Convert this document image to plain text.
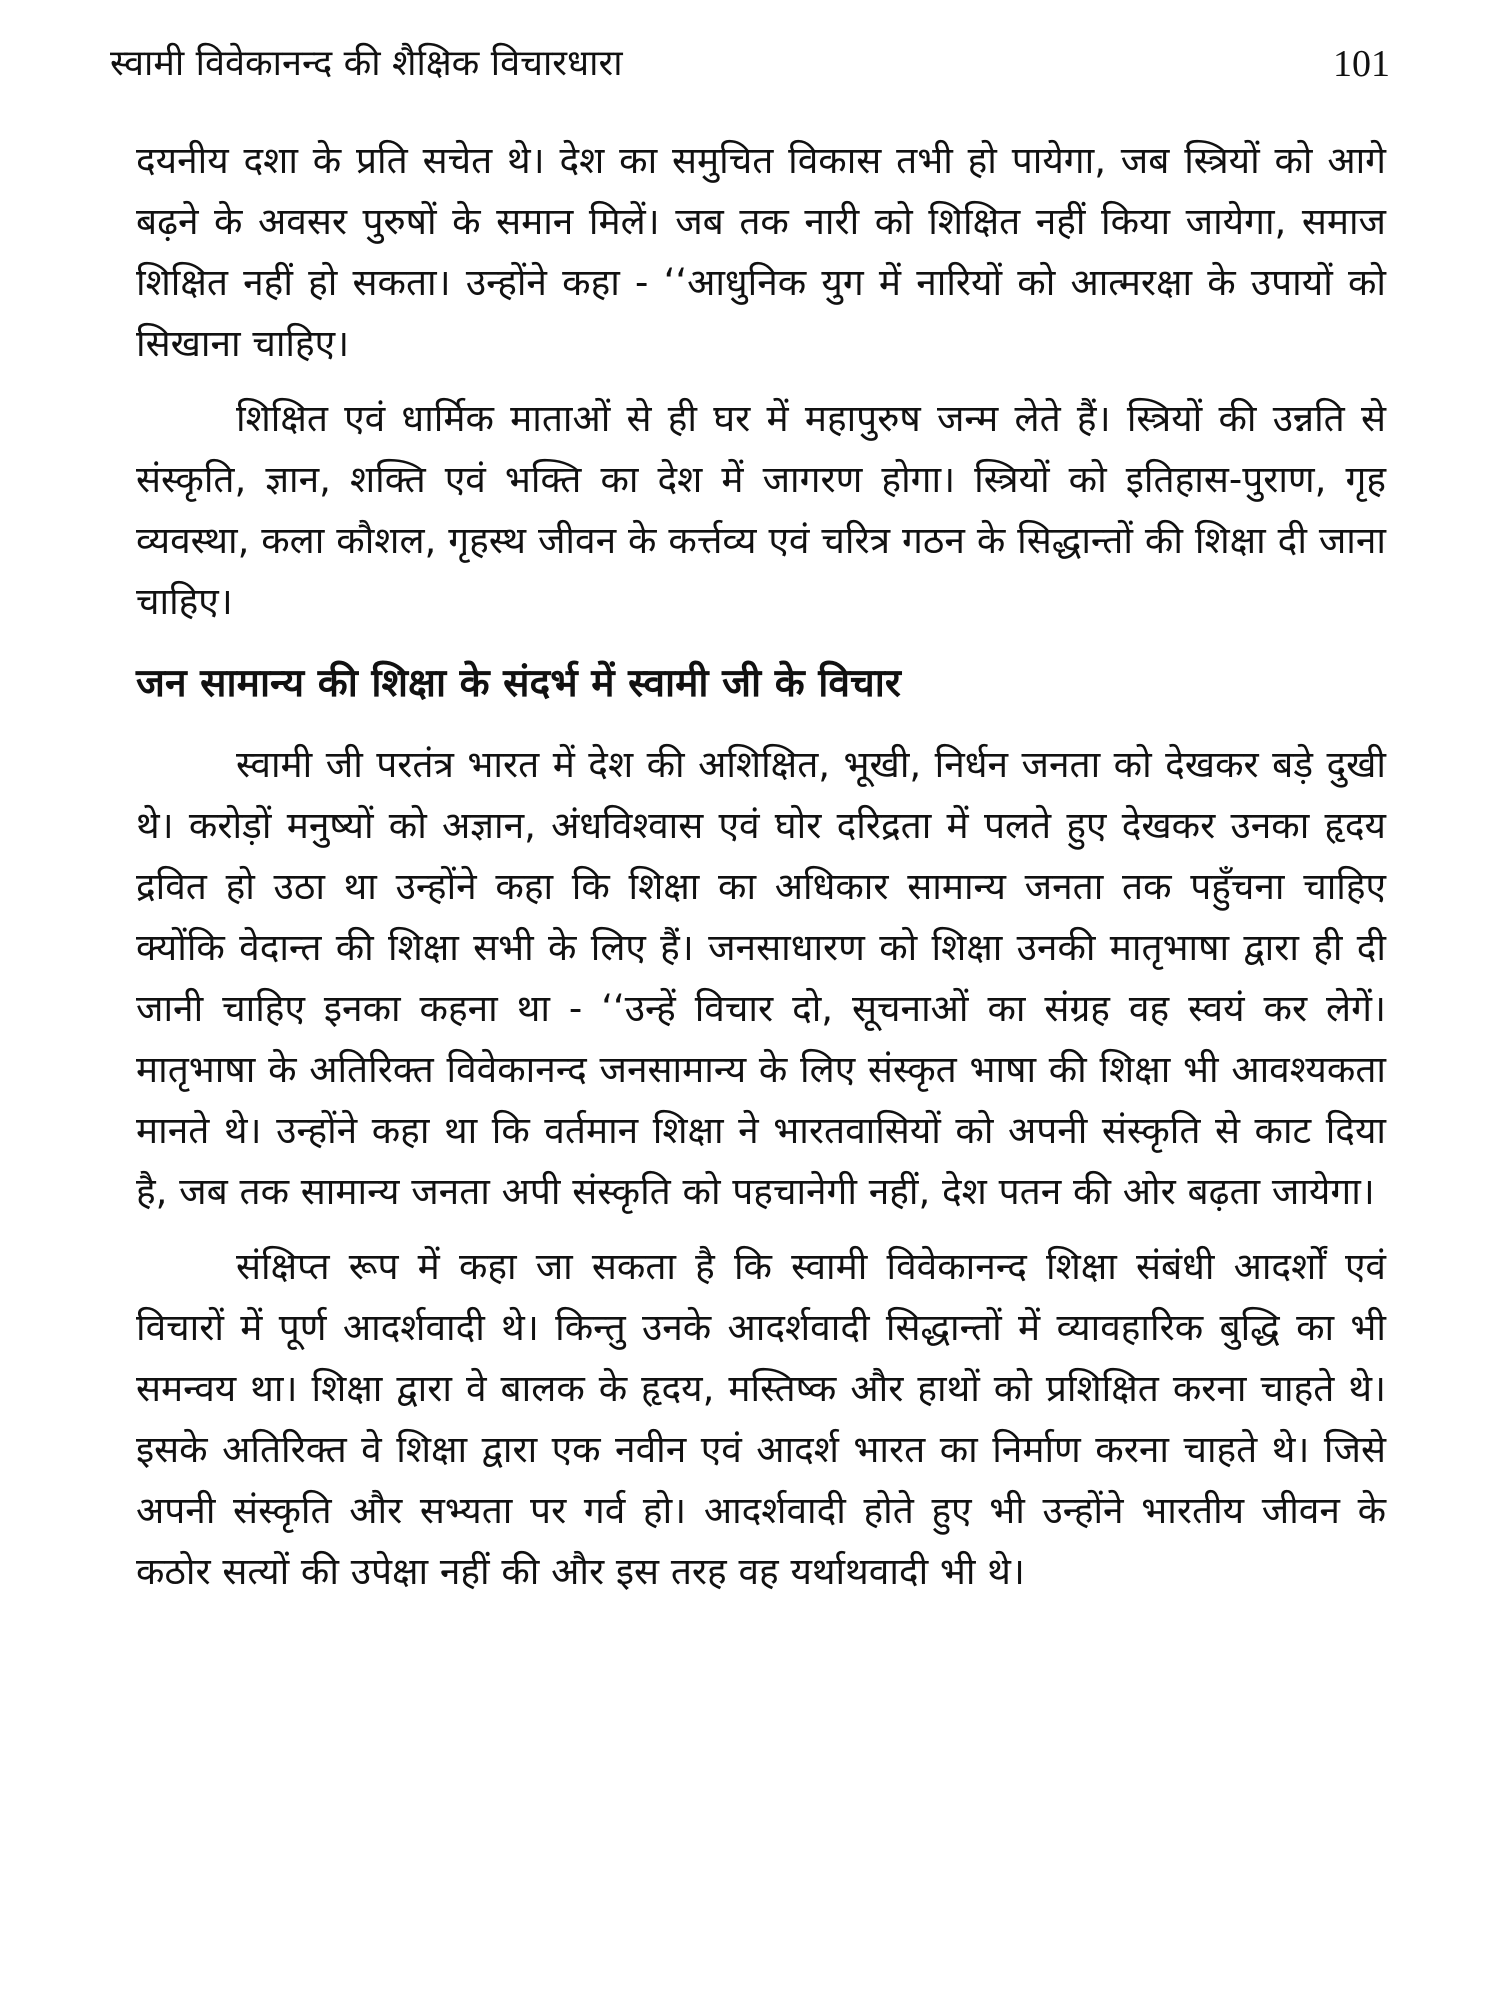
स्वामी विवेकानन्द की शैक्षिक विचारधारा	101

दयनीय दशा के प्रति सचेत थे। देश का समुचित विकास तभी हो पायेगा, जब स्त्रियों को आगे बढ़ने के अवसर पुरुषों के समान मिलें। जब तक नारी को शिक्षित नहीं किया जायेगा, समाज शिक्षित नहीं हो सकता। उन्होंने कहा - ‘‘आधुनिक युग में नारियों को आत्मरक्षा के उपायों को सिखाना चाहिए।

शिक्षित एवं धार्मिक माताओं से ही घर में महापुरुष जन्म लेते हैं। स्त्रियों की उन्नति से संस्कृति, ज्ञान, शक्ति एवं भक्ति का देश में जागरण होगा। स्त्रियों को इतिहास-पुराण, गृह व्यवस्था, कला कौशल, गृहस्थ जीवन के कर्त्तव्य एवं चरित्र गठन के सिद्धान्तों की शिक्षा दी जाना चाहिए।

जन सामान्य की शिक्षा के संदर्भ में स्वामी जी के विचार

स्वामी जी परतंत्र भारत में देश की अशिक्षित, भूखी, निर्धन जनता को देखकर बड़े दुखी थे। करोड़ों मनुष्यों को अज्ञान, अंधविश्वास एवं घोर दरिद्रता में पलते हुए देखकर उनका हृदय द्रवित हो उठा था उन्होंने कहा कि शिक्षा का अधिकार सामान्य जनता तक पहुँचना चाहिए क्योंकि वेदान्त की शिक्षा सभी के लिए हैं। जनसाधारण को शिक्षा उनकी मातृभाषा द्वारा ही दी जानी चाहिए इनका कहना था - ‘‘उन्हें विचार दो, सूचनाओं का संग्रह वह स्वयं कर लेगें। मातृभाषा के अतिरिक्त विवेकानन्द जनसामान्य के लिए संस्कृत भाषा की शिक्षा भी आवश्यकता मानते थे। उन्होंने कहा था कि वर्तमान शिक्षा ने भारतवासियों को अपनी संस्कृति से काट दिया है, जब तक सामान्य जनता अपी संस्कृति को पहचानेगी नहीं, देश पतन की ओर बढ़ता जायेगा।

संक्षिप्त रूप में कहा जा सकता है कि स्वामी विवेकानन्द शिक्षा संबंधी आदर्शों एवं विचारों में पूर्ण आदर्शवादी थे। किन्तु उनके आदर्शवादी सिद्धान्तों में व्यावहारिक बुद्धि का भी समन्वय था। शिक्षा द्वारा वे बालक के हृदय, मस्तिष्क और हाथों को प्रशिक्षित करना चाहते थे। इसके अतिरिक्त वे शिक्षा द्वारा एक नवीन एवं आदर्श भारत का निर्माण करना चाहते थे। जिसे अपनी संस्कृति और सभ्यता पर गर्व हो। आदर्शवादी होते हुए भी उन्होंने भारतीय जीवन के कठोर सत्यों की उपेक्षा नहीं की और इस तरह वह यर्थाथवादी भी थे।
